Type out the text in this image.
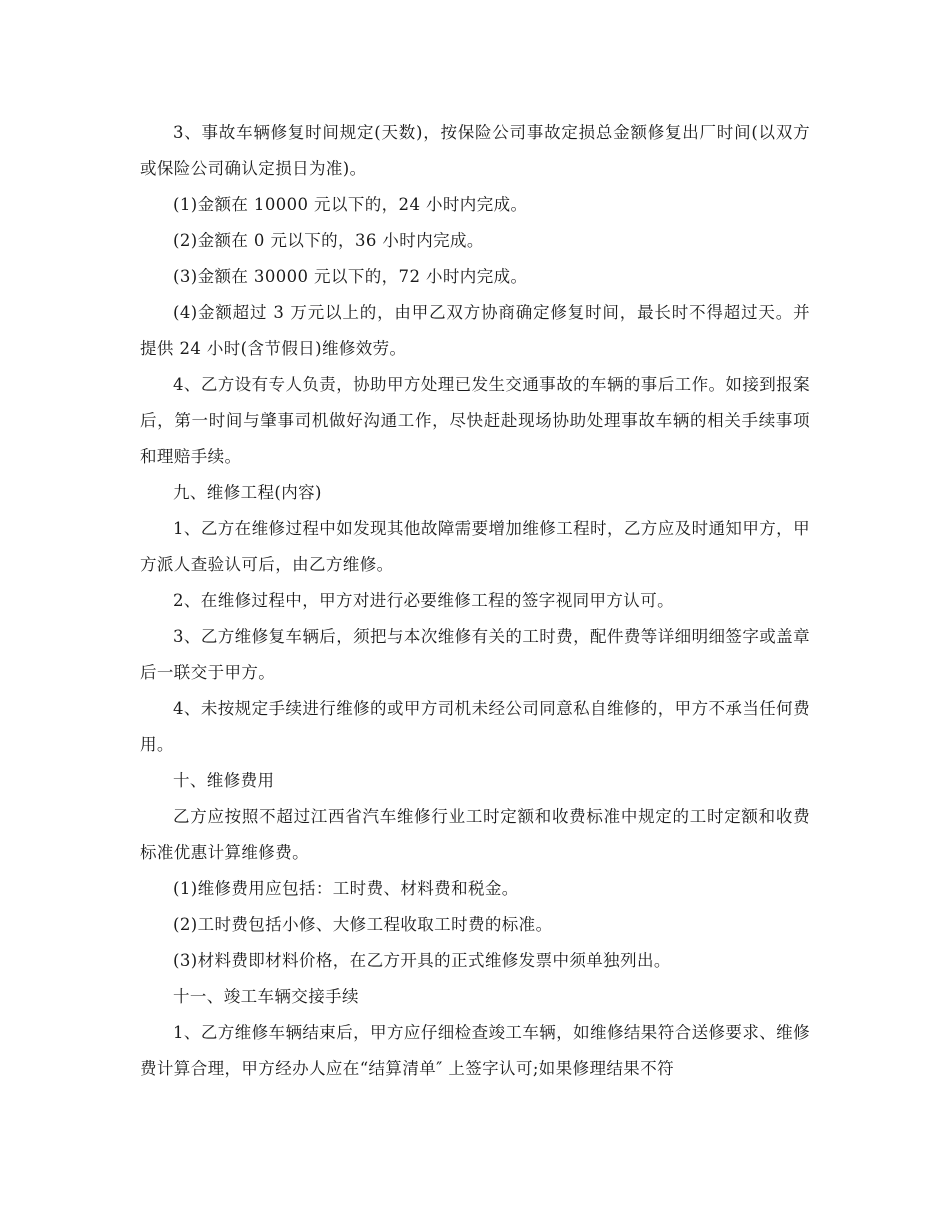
3、事故车辆修复时间规定(天数)，按保险公司事故定损总金额修复出厂时间(以双方或保险公司确认定损日为准)。

(1)金额在 10000 元以下的，24 小时内完成。

(2)金额在 0 元以下的，36 小时内完成。

(3)金额在 30000 元以下的，72 小时内完成。

(4)金额超过 3 万元以上的，由甲乙双方协商确定修复时间，最长时不得超过天。并提供 24 小时(含节假日)维修效劳。

4、乙方设有专人负责，协助甲方处理已发生交通事故的车辆的事后工作。如接到报案后，第一时间与肇事司机做好沟通工作，尽快赶赴现场协助处理事故车辆的相关手续事项和理赔手续。

九、维修工程(内容)

1、乙方在维修过程中如发现其他故障需要增加维修工程时，乙方应及时通知甲方，甲方派人查验认可后，由乙方维修。

2、在维修过程中，甲方对进行必要维修工程的签字视同甲方认可。

3、乙方维修复车辆后，须把与本次维修有关的工时费，配件费等详细明细签字或盖章后一联交于甲方。

4、未按规定手续进行维修的或甲方司机未经公司同意私自维修的，甲方不承当任何费用。

十、维修费用

乙方应按照不超过江西省汽车维修行业工时定额和收费标准中规定的工时定额和收费标准优惠计算维修费。

(1)维修费用应包括：工时费、材料费和税金。

(2)工时费包括小修、大修工程收取工时费的标准。

(3)材料费即材料价格，在乙方开具的正式维修发票中须单独列出。

十一、竣工车辆交接手续

1、乙方维修车辆结束后，甲方应仔细检查竣工车辆，如维修结果符合送修要求、维修费计算合理，甲方经办人应在“结算清单″ 上签字认可;如果修理结果不符
